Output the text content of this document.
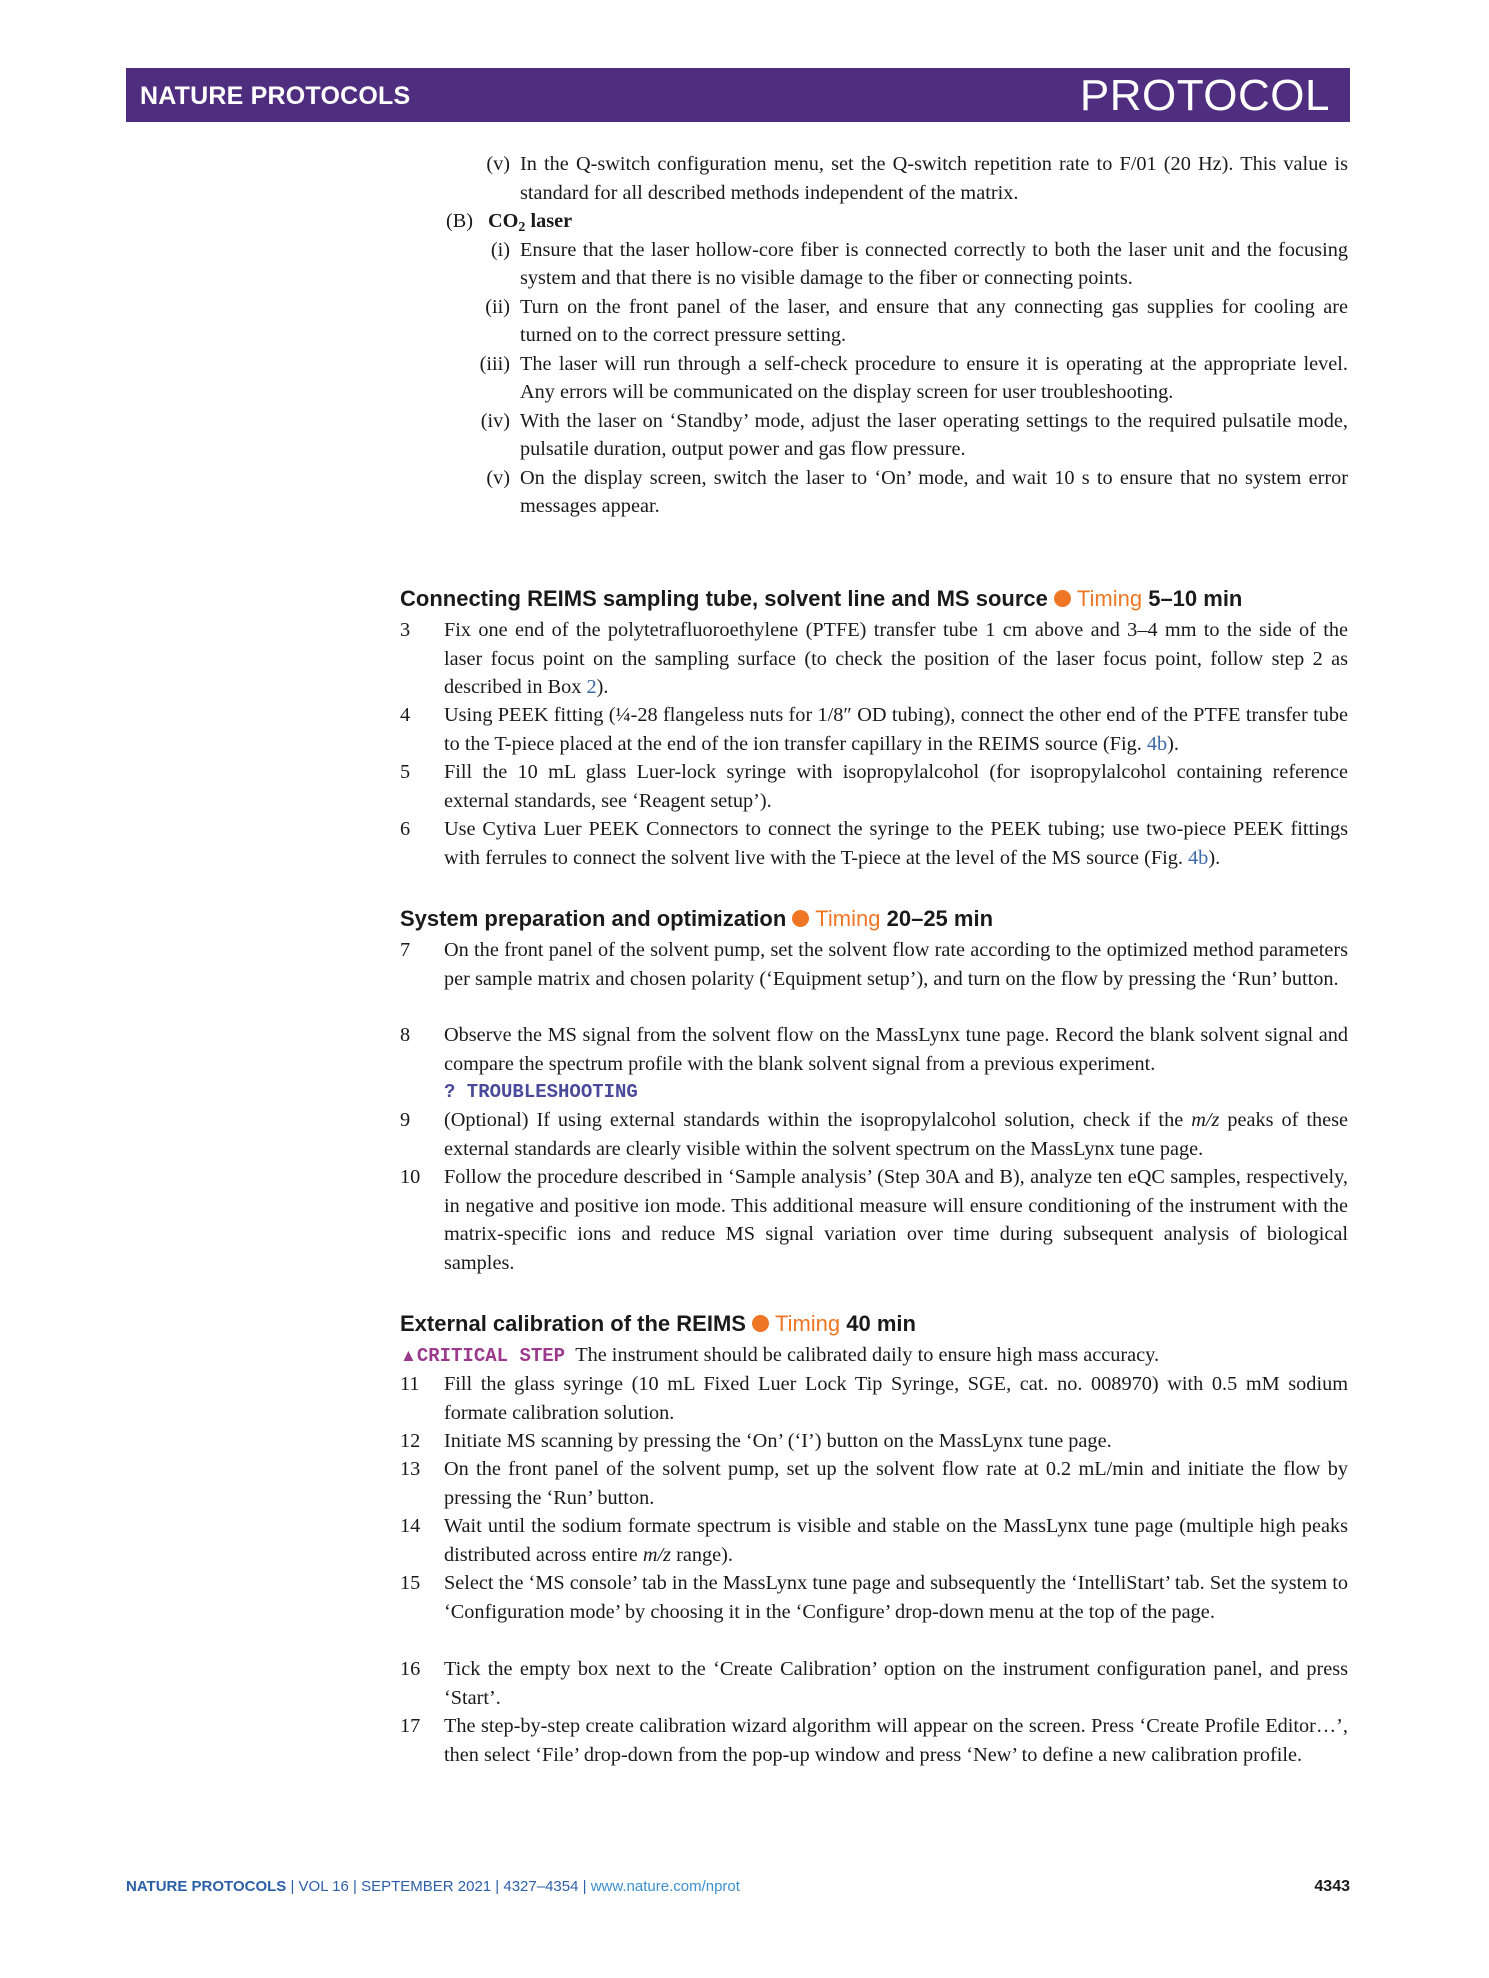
NATURE PROTOCOLS	PROTOCOL
(v) In the Q-switch configuration menu, set the Q-switch repetition rate to F/01 (20 Hz). This value is standard for all described methods independent of the matrix.
(B) $CO_2$ laser
(i) Ensure that the laser hollow-core fiber is connected correctly to both the laser unit and the focusing system and that there is no visible damage to the fiber or connecting points.
(ii) Turn on the front panel of the laser, and ensure that any connecting gas supplies for cooling are turned on to the correct pressure setting.
(iii) The laser will run through a self-check procedure to ensure it is operating at the appropriate level. Any errors will be communicated on the display screen for user troubleshooting.
(iv) With the laser on ‘Standby’ mode, adjust the laser operating settings to the required pulsatile mode, pulsatile duration, output power and gas flow pressure.
(v) On the display screen, switch the laser to ‘On’ mode, and wait 10 s to ensure that no system error messages appear.
Connecting REIMS sampling tube, solvent line and MS source Timing 5–10 min
3	Fix one end of the polytetrafluoroethylene (PTFE) transfer tube 1 cm above and 3–4 mm to the side of the laser focus point on the sampling surface (to check the position of the laser focus point, follow step 2 as described in Box 2).
4	Using PEEK fitting (¼-28 flangeless nuts for 1/8″ OD tubing), connect the other end of the PTFE transfer tube to the T-piece placed at the end of the ion transfer capillary in the REIMS source (Fig. 4b).
5	Fill the 10 mL glass Luer-lock syringe with isopropylalcohol (for isopropylalcohol containing reference external standards, see ‘Reagent setup’).
6	Use Cytiva Luer PEEK Connectors to connect the syringe to the PEEK tubing; use two-piece PEEK fittings with ferrules to connect the solvent live with the T-piece at the level of the MS source (Fig. 4b).
System preparation and optimization Timing 20–25 min
7	On the front panel of the solvent pump, set the solvent flow rate according to the optimized method parameters per sample matrix and chosen polarity (‘Equipment setup’), and turn on the flow by pressing the ‘Run’ button.
8	Observe the MS signal from the solvent flow on the MassLynx tune page. Record the blank solvent signal and compare the spectrum profile with the blank solvent signal from a previous experiment.
? TROUBLESHOOTING
9	(Optional) If using external standards within the isopropylalcohol solution, check if the m/z peaks of these external standards are clearly visible within the solvent spectrum on the MassLynx tune page.
10	Follow the procedure described in ‘Sample analysis’ (Step 30A and B), analyze ten eQC samples, respectively, in negative and positive ion mode. This additional measure will ensure conditioning of the instrument with the matrix-specific ions and reduce MS signal variation over time during subsequent analysis of biological samples.
External calibration of the REIMS Timing 40 min
▲CRITICAL STEP The instrument should be calibrated daily to ensure high mass accuracy.
11	Fill the glass syringe (10 mL Fixed Luer Lock Tip Syringe, SGE, cat. no. 008970) with 0.5 mM sodium formate calibration solution.
12	Initiate MS scanning by pressing the ‘On’ (‘I’) button on the MassLynx tune page.
13	On the front panel of the solvent pump, set up the solvent flow rate at 0.2 mL/min and initiate the flow by pressing the ‘Run’ button.
14	Wait until the sodium formate spectrum is visible and stable on the MassLynx tune page (multiple high peaks distributed across entire m/z range).
15	Select the ‘MS console’ tab in the MassLynx tune page and subsequently the ‘IntelliStart’ tab. Set the system to ‘Configuration mode’ by choosing it in the ‘Configure’ drop-down menu at the top of the page.
16	Tick the empty box next to the ‘Create Calibration’ option on the instrument configuration panel, and press ‘Start’.
17	The step-by-step create calibration wizard algorithm will appear on the screen. Press ‘Create Profile Editor…’, then select ‘File’ drop-down from the pop-up window and press ‘New’ to define a new calibration profile.
NATURE PROTOCOLS | VOL 16 | SEPTEMBER 2021 | 4327–4354 | www.nature.com/nprot	4343
